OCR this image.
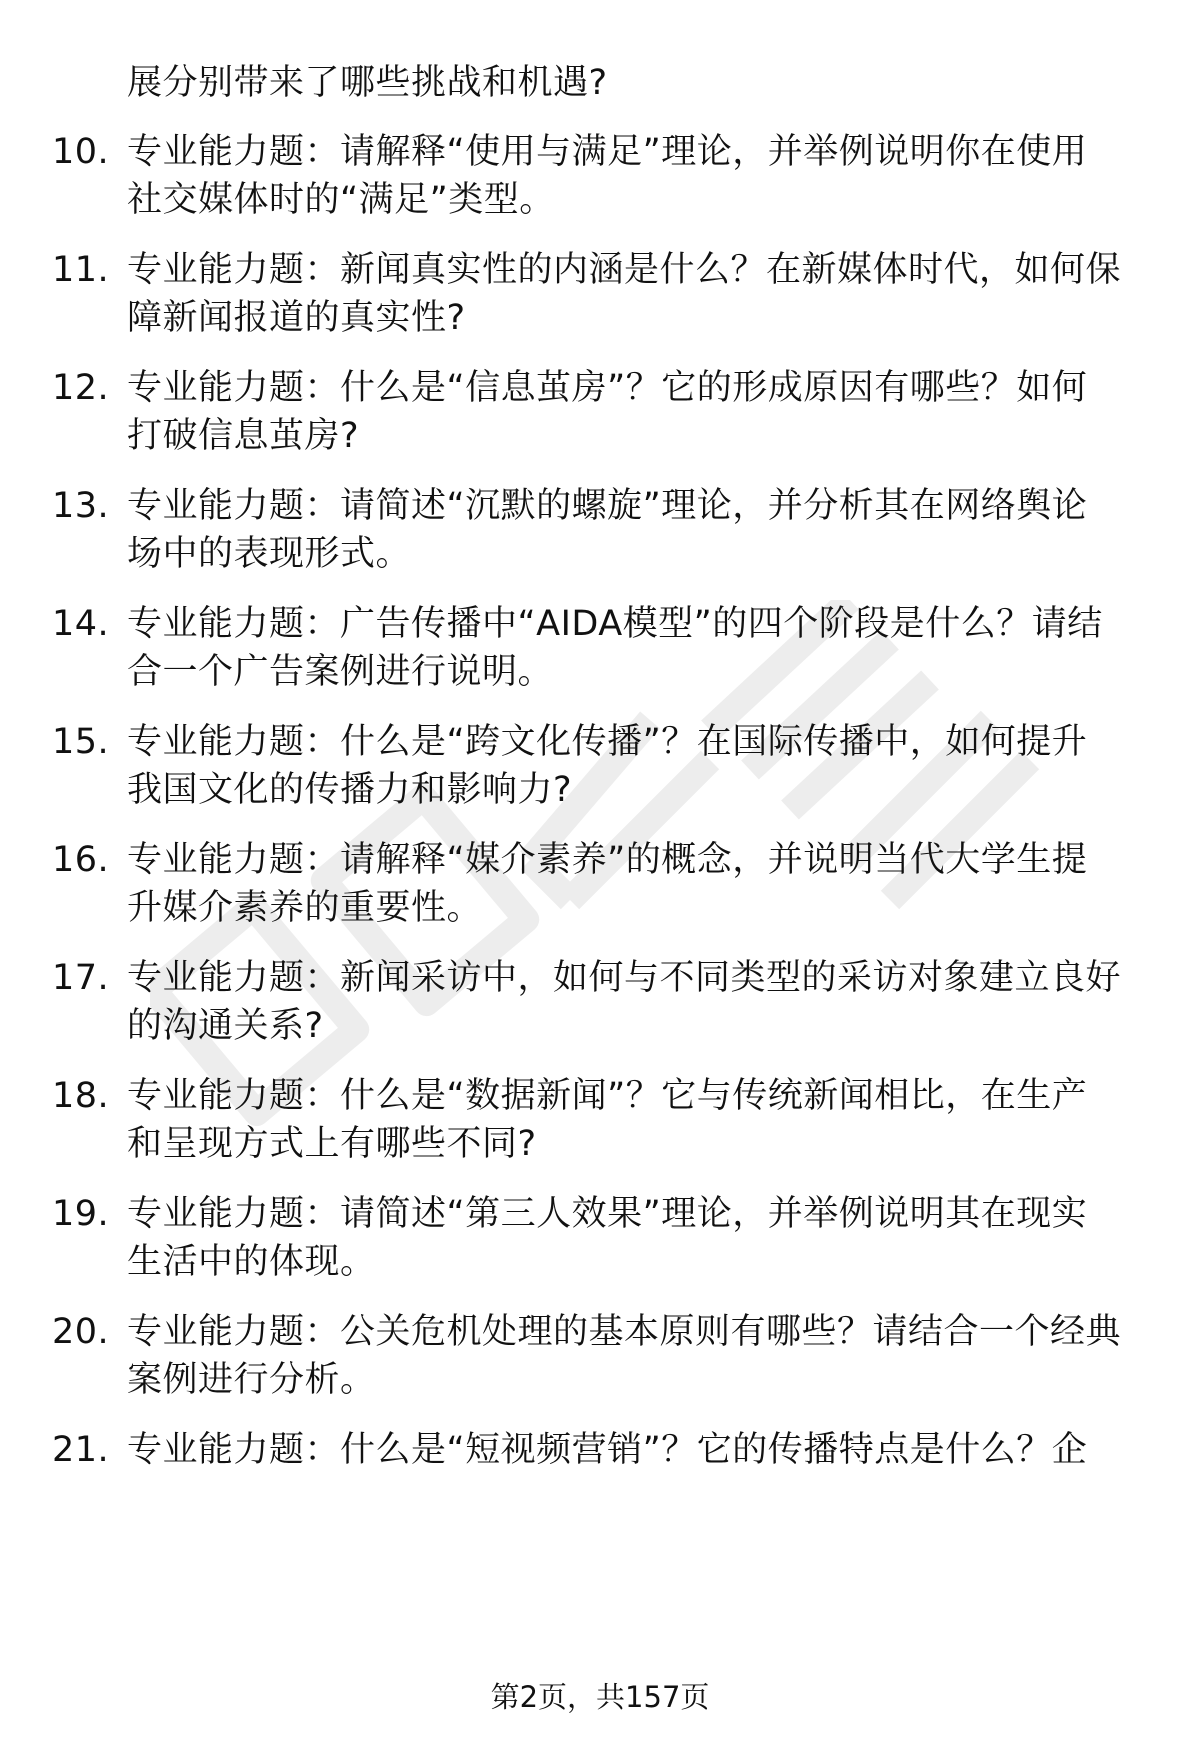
展分别带来了哪些挑战和机遇?
10. 专业能力题：请解释“使用与满足”理论，并举例说明你在使用
社交媒体时的“满足”类型。
11. 专业能力题：新闻真实性的内涵是什么？在新媒体时代，如何保
障新闻报道的真实性?
12. 专业能力题：什么是“信息茧房”？它的形成原因有哪些？如何
打破信息茧房?
13. 专业能力题：请简述“沉默的螺旋”理论，并分析其在网络舆论
场中的表现形式。
14. 专业能力题：广告传播中“AIDA模型”的四个阶段是什么？请结
合一个广告案例进行说明。
15. 专业能力题：什么是“跨文化传播”？在国际传播中，如何提升
我国文化的传播力和影响力?
16. 专业能力题：请解释“媒介素养”的概念，并说明当代大学生提
升媒介素养的重要性。
17. 专业能力题：新闻采访中，如何与不同类型的采访对象建立良好
的沟通关系?
18. 专业能力题：什么是“数据新闻”？它与传统新闻相比，在生产
和呈现方式上有哪些不同?
19. 专业能力题：请简述“第三人效果”理论，并举例说明其在现实
生活中的体现。
20. 专业能力题：公关危机处理的基本原则有哪些？请结合一个经典
案例进行分析。
21. 专业能力题：什么是“短视频营销”？它的传播特点是什么？企
第2页，共157页
